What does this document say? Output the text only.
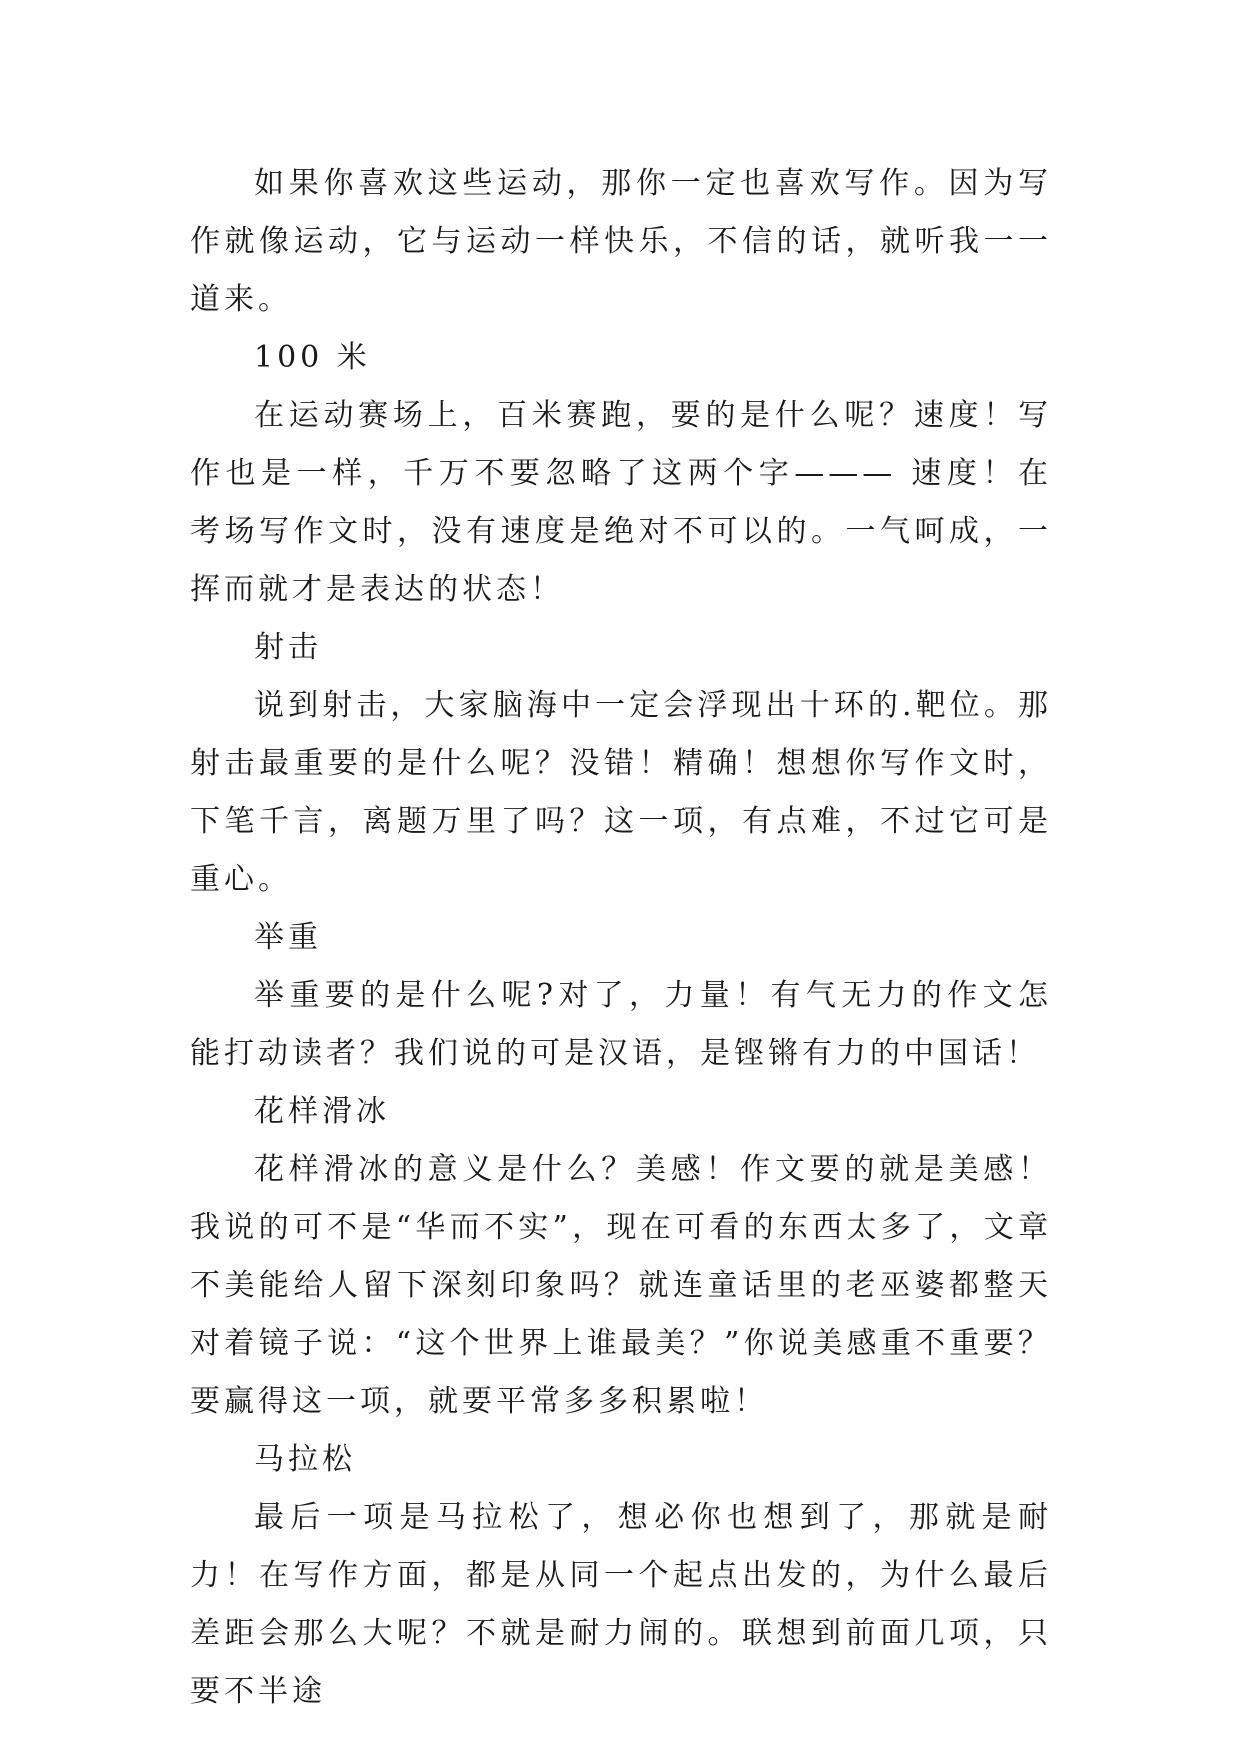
如果你喜欢这些运动，那你一定也喜欢写作。因为写作就像运动，它与运动一样快乐，不信的话，就听我一一道来。

100 米

在运动赛场上，百米赛跑，要的是什么呢？速度！写作也是一样，千万不要忽略了这两个字——— 速度！在考场写作文时，没有速度是绝对不可以的。一气呵成，一挥而就才是表达的状态！

射击

说到射击，大家脑海中一定会浮现出十环的.靶位。那射击最重要的是什么呢？没错！精确！想想你写作文时，下笔千言，离题万里了吗？这一项，有点难，不过它可是重心。

举重

举重要的是什么呢?对了，力量！有气无力的作文怎能打动读者？我们说的可是汉语，是铿锵有力的中国话！

花样滑冰

花样滑冰的意义是什么？美感！作文要的就是美感！我说的可不是“华而不实”，现在可看的东西太多了，文章不美能给人留下深刻印象吗？就连童话里的老巫婆都整天对着镜子说：“这个世界上谁最美？”你说美感重不重要？要赢得这一项，就要平常多多积累啦！

马拉松

最后一项是马拉松了，想必你也想到了，那就是耐力！在写作方面，都是从同一个起点出发的，为什么最后差距会那么大呢？不就是耐力闹的。联想到前面几项，只要不半途
